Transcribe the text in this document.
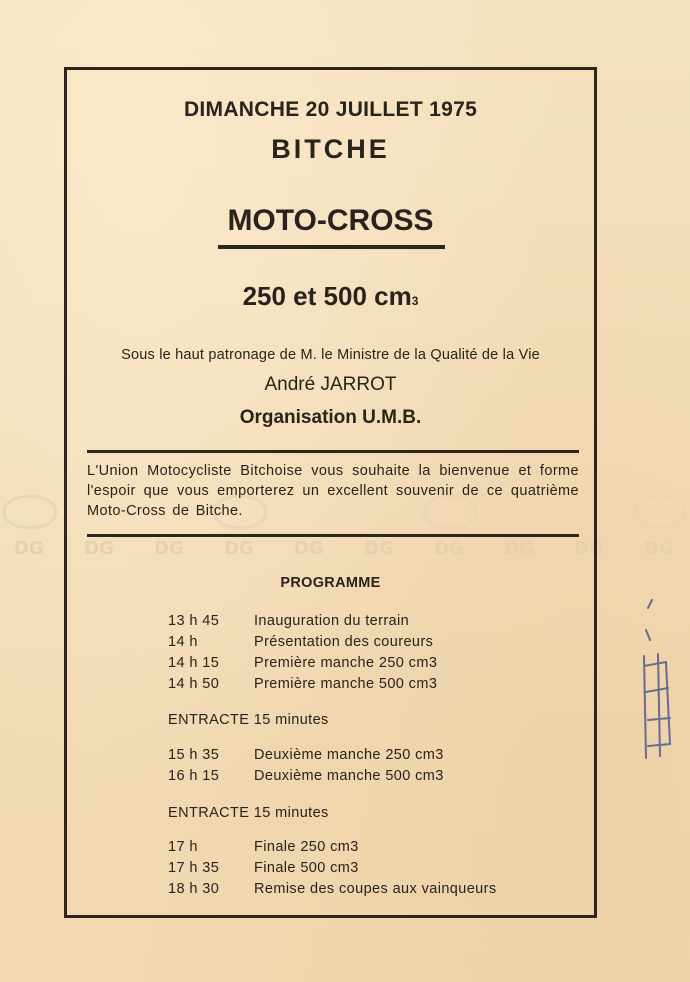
DG DG DG DG DG DG DG DG DG DG
DIMANCHE 20 JUILLET 1975
BITCHE
MOTO-CROSS
250 et 500 cm3
Sous le haut patronage de M. le Ministre de la Qualité de la Vie
André JARROT
Organisation U.M.B.
L'Union Motocycliste Bitchoise vous souhaite la bienvenue et forme l'espoir que vous emporterez un excellent souvenir de ce quatrième Moto-Cross de Bitche.
PROGRAMME
13 h 45 Inauguration du terrain
14 h	Présentation des coureurs
14 h 15 Première manche 250 cm3
14 h 50 Première manche 500 cm3
ENTRACTE 15 minutes
15 h 35 Deuxième manche 250 cm3
16 h 15 Deuxième manche 500 cm3
ENTRACTE 15 minutes
17 h	Finale 250 cm3
17 h 35 Finale 500 cm3
18 h 30 Remise des coupes aux vainqueurs
